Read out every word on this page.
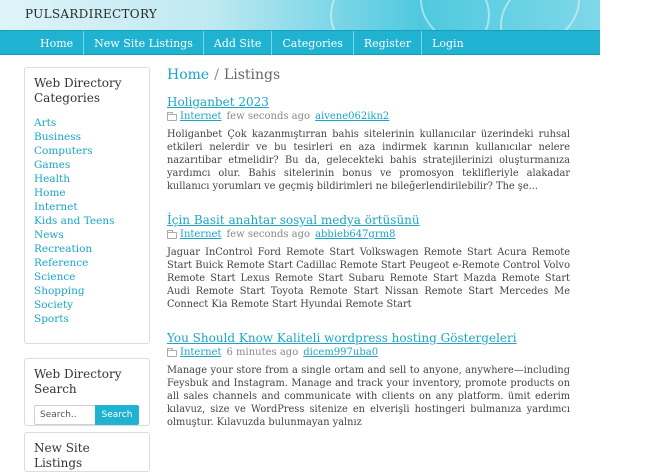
PULSARDIRECTORY
Home	New Site Listings	Add Site	Categories	Register	Login
Web Directory Categories
Arts
Business
Computers
Games
Health
Home
Internet
Kids and Teens
News
Recreation
Reference
Science
Shopping
Society
Sports
Web Directory Search
Search..
Search
New Site Listings
Home / Listings
Holiganbet 2023
Internet few seconds ago aivene062ikn2
Holiganbet Çok kazanmıştırran bahis sitelerinin kullanıcılar üzerindeki ruhsal etkileri nelerdir ve bu tesirleri en aza indirmek karının kullanıcılar nelere nazarıtibar etmelidir? Bu da, gelecekteki bahis stratejilerinizi oluşturmanıza yardımcı olur. Bahis sitelerinin bonus ve promosyon teklifleriyle alakadar kullanıcı yorumları ve geçmiş bildirimleri ne bileğerlendirilebilir? The şe...
İçin Basit anahtar sosyal medya örtüsünü
Internet few seconds ago abbieb647grm8
Jaguar InControl Ford Remote Start Volkswagen Remote Start Acura Remote Start Buick Remote Start Cadillac Remote Start Peugeot e-Remote Control Volvo Remote Start Lexus Remote Start Subaru Remote Start Mazda Remote Start Audi Remote Start Toyota Remote Start Nissan Remote Start Mercedes Me Connect Kia Remote Start Hyundai Remote Start
You Should Know Kaliteli wordpress hosting Göstergeleri
Internet 6 minutes ago dicem997uba0
Manage your store from a single ortam and sell to anyone, anywhere—including Feysbuk and Instagram. Manage and track your inventory, promote products on all sales channels and communicate with clients on any platform. ümit ederim kılavuz, size ve WordPress sitenize en elverişli hostingeri bulmanıza yardımcı olmuştur. Kılavuzda bulunmayan yalnız
